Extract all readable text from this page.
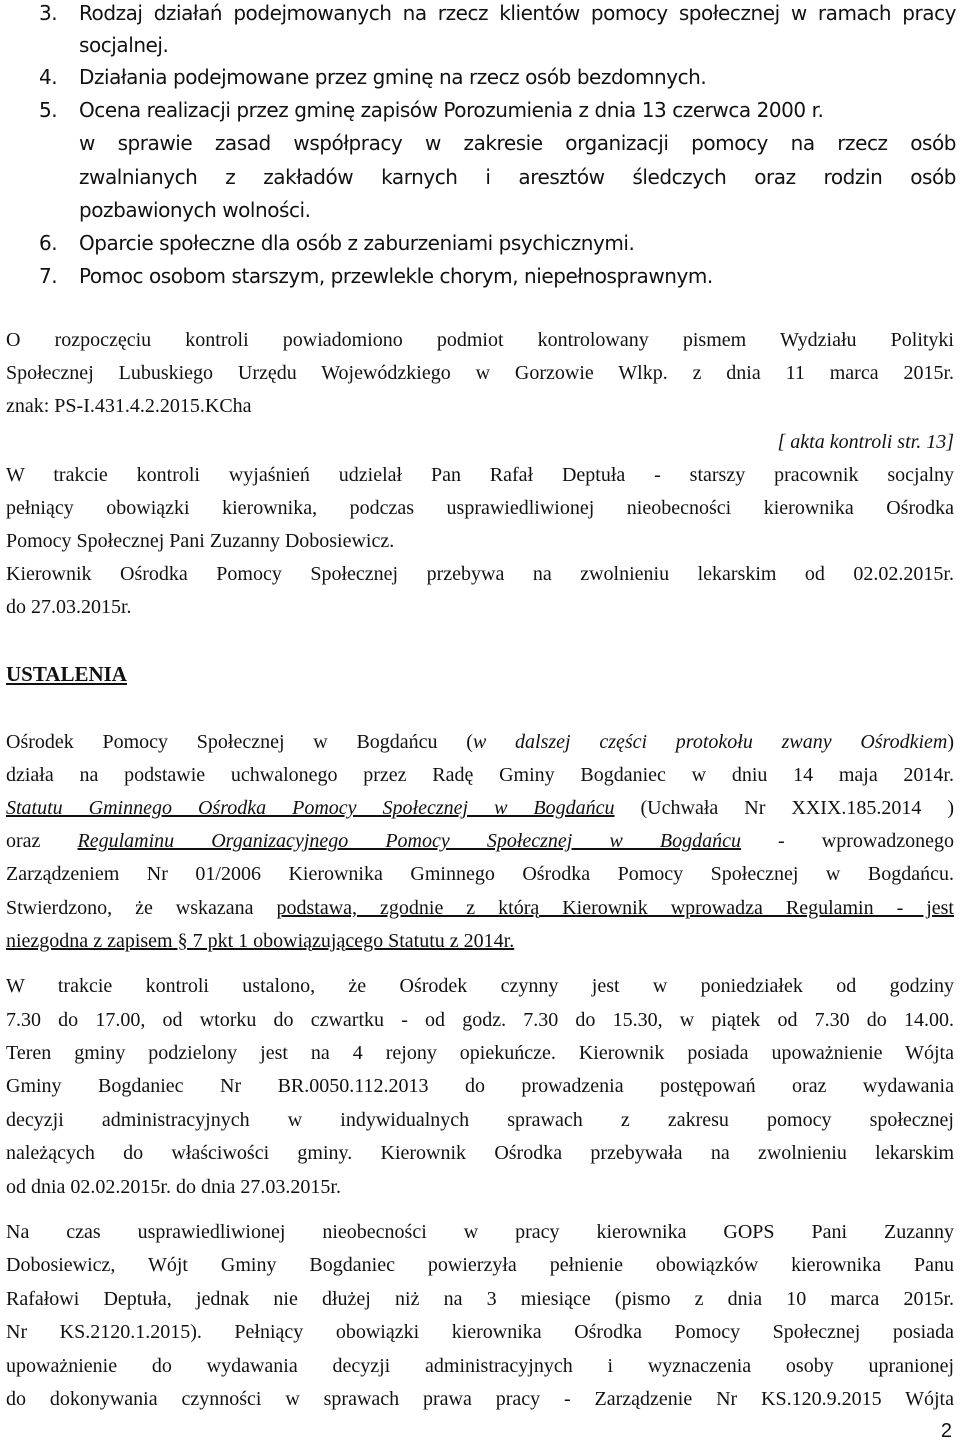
3.	Rodzaj działań podejmowanych na rzecz klientów pomocy społecznej w ramach pracy
socjalnej.
4.	Działania podejmowane przez gminę na rzecz osób bezdomnych.
5.	Ocena realizacji przez gminę zapisów Porozumienia z dnia 13 czerwca 2000 r.
w sprawie zasad współpracy w zakresie organizacji pomocy na rzecz osób
zwalnianych z zakładów karnych i aresztów śledczych oraz rodzin osób
pozbawionych wolności.
6.	Oparcie społeczne dla osób z zaburzeniami psychicznymi.
7.	Pomoc osobom starszym, przewlekle chorym, niepełnosprawnym.
O rozpoczęciu kontroli powiadomiono podmiot kontrolowany pismem Wydziału Polityki
Społecznej Lubuskiego Urzędu Wojewódzkiego w Gorzowie Wlkp. z dnia 11 marca 2015r.
znak: PS-I.431.4.2.2015.KCha
[ akta kontroli str. 13]
W trakcie kontroli wyjaśnień udzielał Pan Rafał Deptuła - starszy pracownik socjalny
pełniący obowiązki kierownika, podczas usprawiedliwionej nieobecności kierownika Ośrodka
Pomocy Społecznej Pani Zuzanny Dobosiewicz.
Kierownik Ośrodka Pomocy Społecznej przebywa na zwolnieniu lekarskim od 02.02.2015r.
do 27.03.2015r.
USTALENIA
Ośrodek Pomocy Społecznej w Bogdańcu (w dalszej części protokołu zwany Ośrodkiem)
działa na podstawie uchwalonego przez Radę Gminy Bogdaniec w dniu 14 maja 2014r.
Statutu Gminnego Ośrodka Pomocy Społecznej w Bogdańcu (Uchwała Nr XXIX.185.2014 )
oraz Regulaminu Organizacyjnego Pomocy Społecznej w Bogdańcu - wprowadzonego
Zarządzeniem Nr 01/2006 Kierownika Gminnego Ośrodka Pomocy Społecznej w Bogdańcu.
Stwierdzono, że wskazana podstawa, zgodnie z którą Kierownik wprowadza Regulamin - jest
niezgodna z zapisem § 7 pkt 1 obowiązującego Statutu z 2014r.
W trakcie kontroli ustalono, że Ośrodek czynny jest w poniedziałek od godziny
7.30 do 17.00, od wtorku do czwartku - od godz. 7.30 do 15.30, w piątek od 7.30 do 14.00.
Teren gminy podzielony jest na 4 rejony opiekuńcze. Kierownik posiada upoważnienie Wójta
Gminy Bogdaniec Nr BR.0050.112.2013 do prowadzenia postępowań oraz wydawania
decyzji administracyjnych w indywidualnych sprawach z zakresu pomocy społecznej
należących do właściwości gminy. Kierownik Ośrodka przebywała na zwolnieniu lekarskim
od dnia 02.02.2015r. do dnia 27.03.2015r.
Na czas usprawiedliwionej nieobecności w pracy kierownika GOPS Pani Zuzanny
Dobosiewicz, Wójt Gminy Bogdaniec powierzyła pełnienie obowiązków kierownika Panu
Rafałowi Deptuła, jednak nie dłużej niż na 3 miesiące (pismo z dnia 10 marca 2015r.
Nr KS.2120.1.2015). Pełniący obowiązki kierownika Ośrodka Pomocy Społecznej posiada
upoważnienie do wydawania decyzji administracyjnych i wyznaczenia osoby upranionej
do dokonywania czynności w sprawach prawa pracy - Zarządzenie Nr KS.120.9.2015 Wójta
2
